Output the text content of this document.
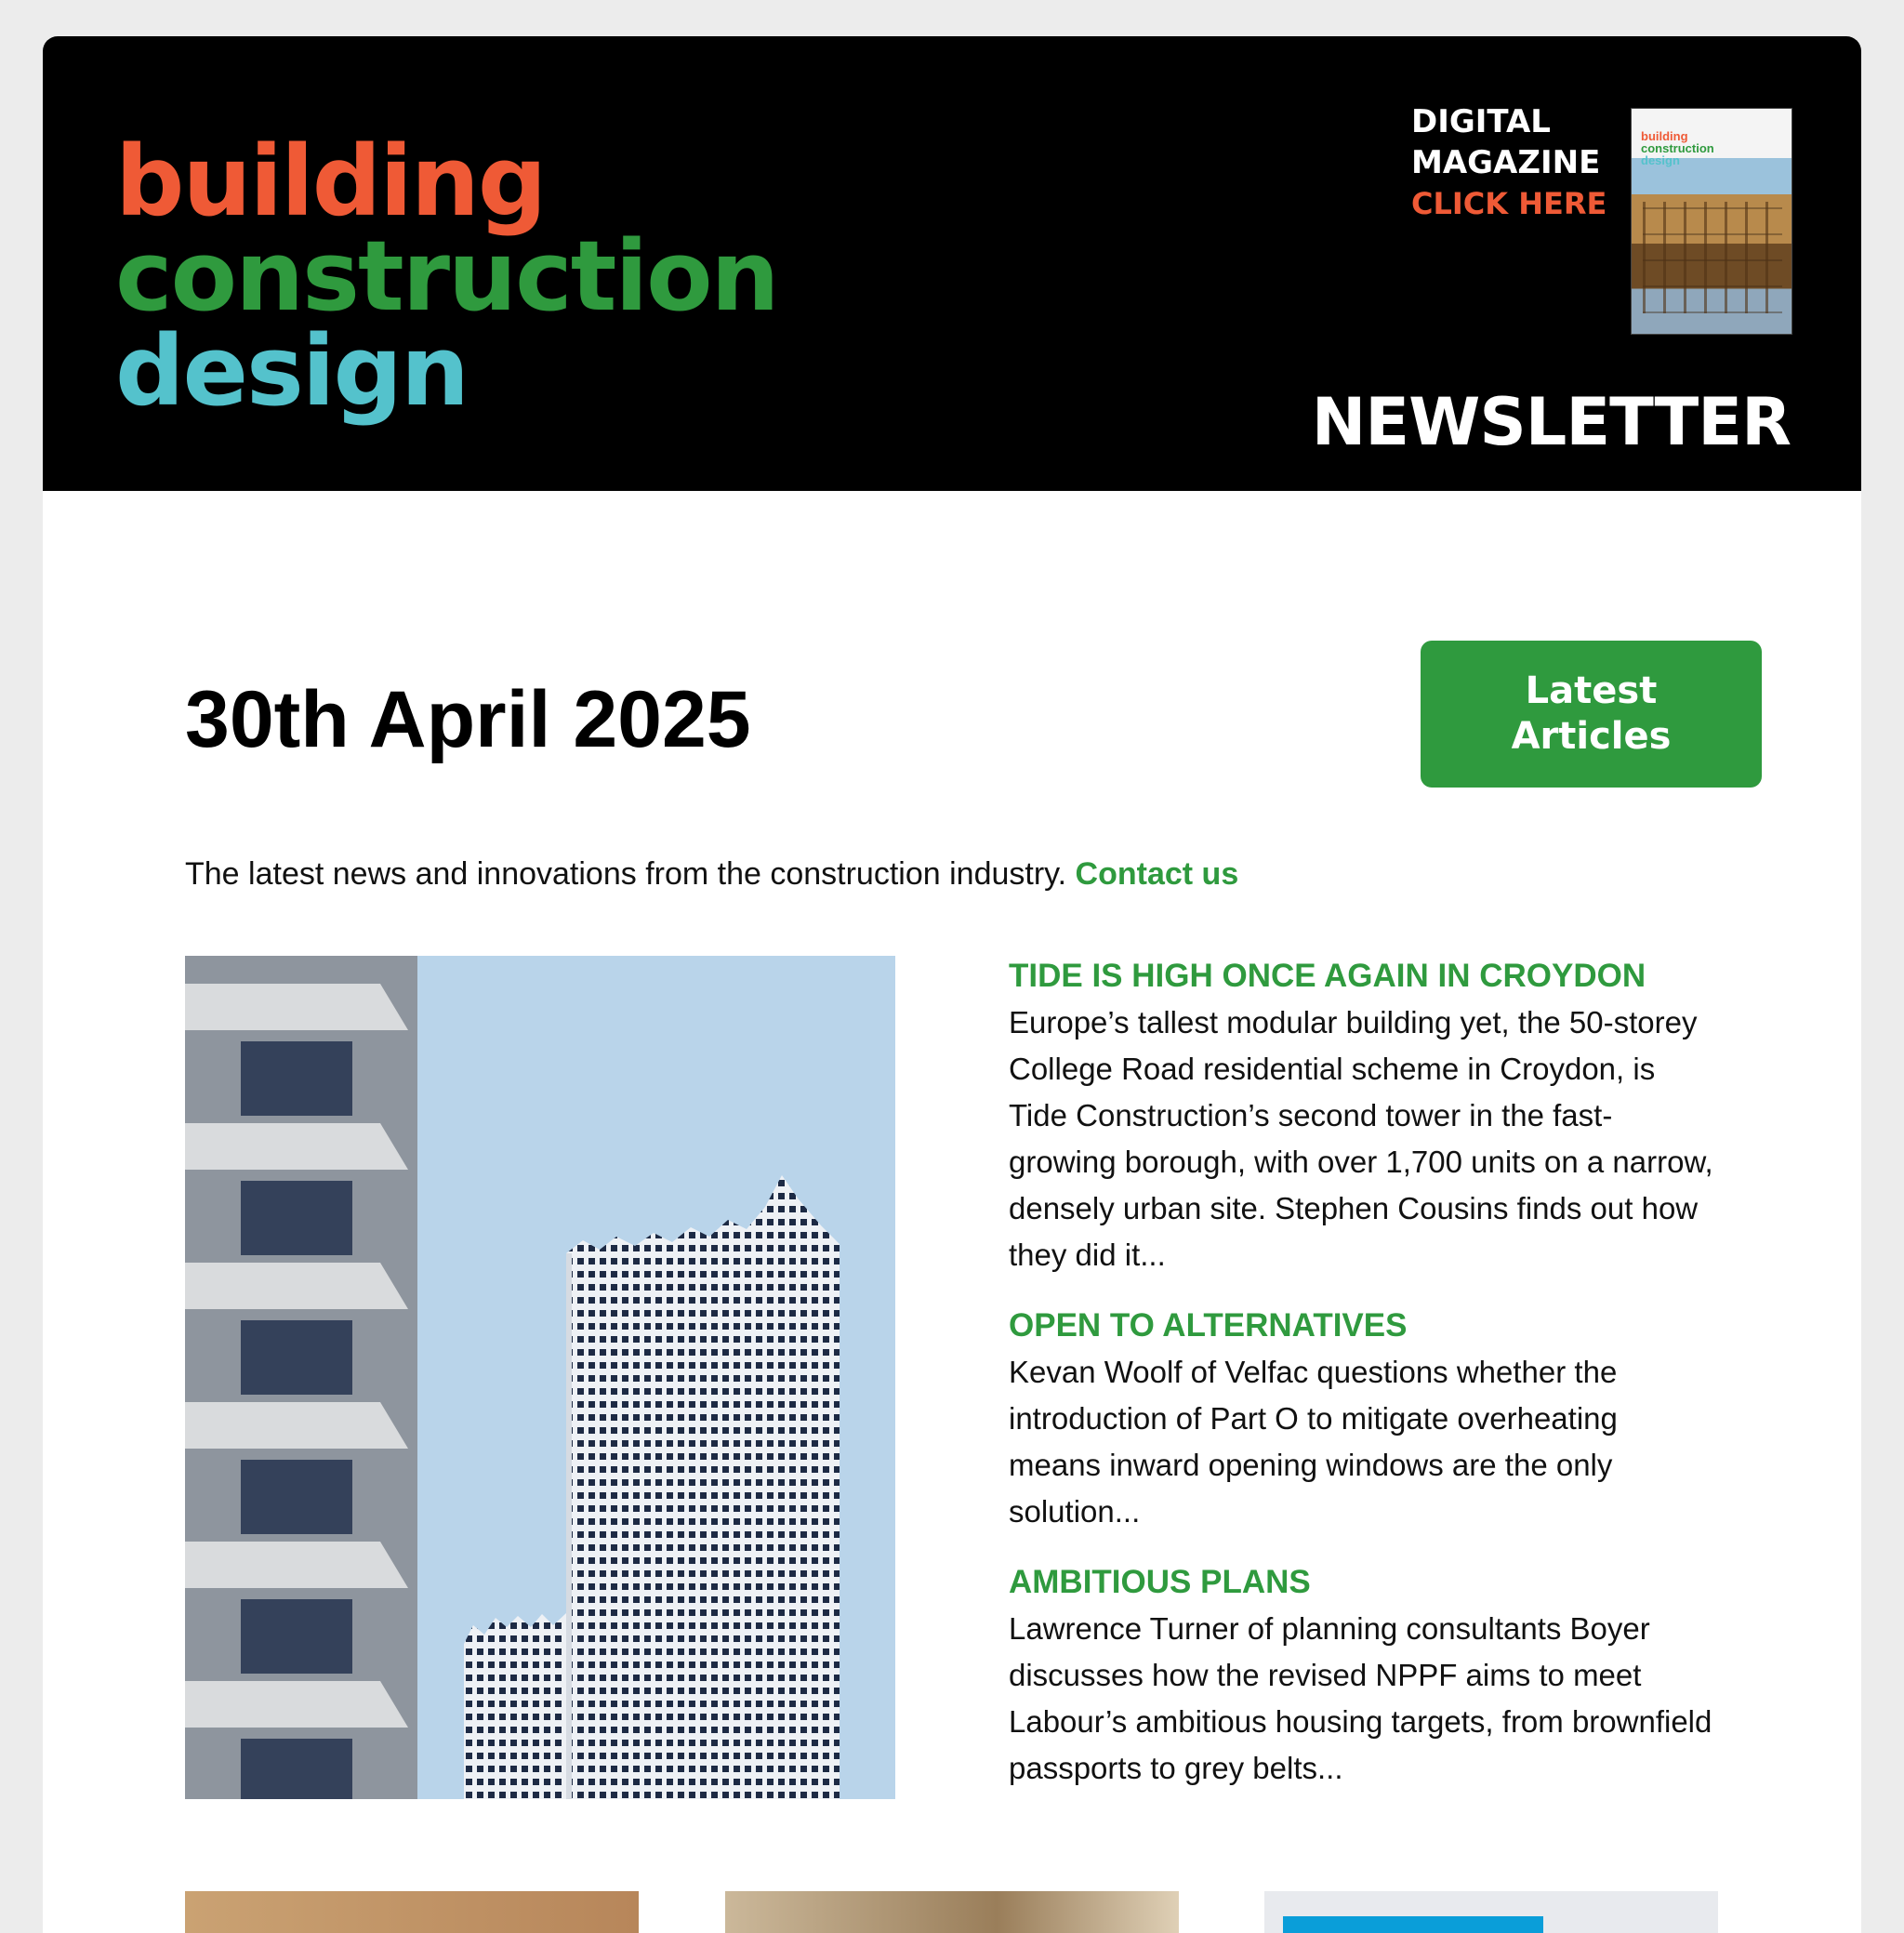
building
construction
design
DIGITAL
MAGAZINE
CLICK HERE
building
construction
design
NEWSLETTER
30th April 2025	Latest
Articles
The latest news and innovations from the construction industry. Contact us

TIDE IS HIGH ONCE AGAIN IN CROYDON

Europe’s tallest modular building yet, the 50-storey College Road residential scheme in Croydon, is Tide Construction’s second tower in the fast-growing borough, with over 1,700 units on a narrow, densely urban site. Stephen Cousins finds out how they did it...

OPEN TO ALTERNATIVES

Kevan Woolf of Velfac questions whether the introduction of Part O to mitigate overheating means inward opening windows are the only solution...

AMBITIOUS PLANS

Lawrence Turner of planning consultants Boyer discusses how the revised NPPF aims to meet Labour’s ambitious housing targets, from brownfield passports to grey belts...
